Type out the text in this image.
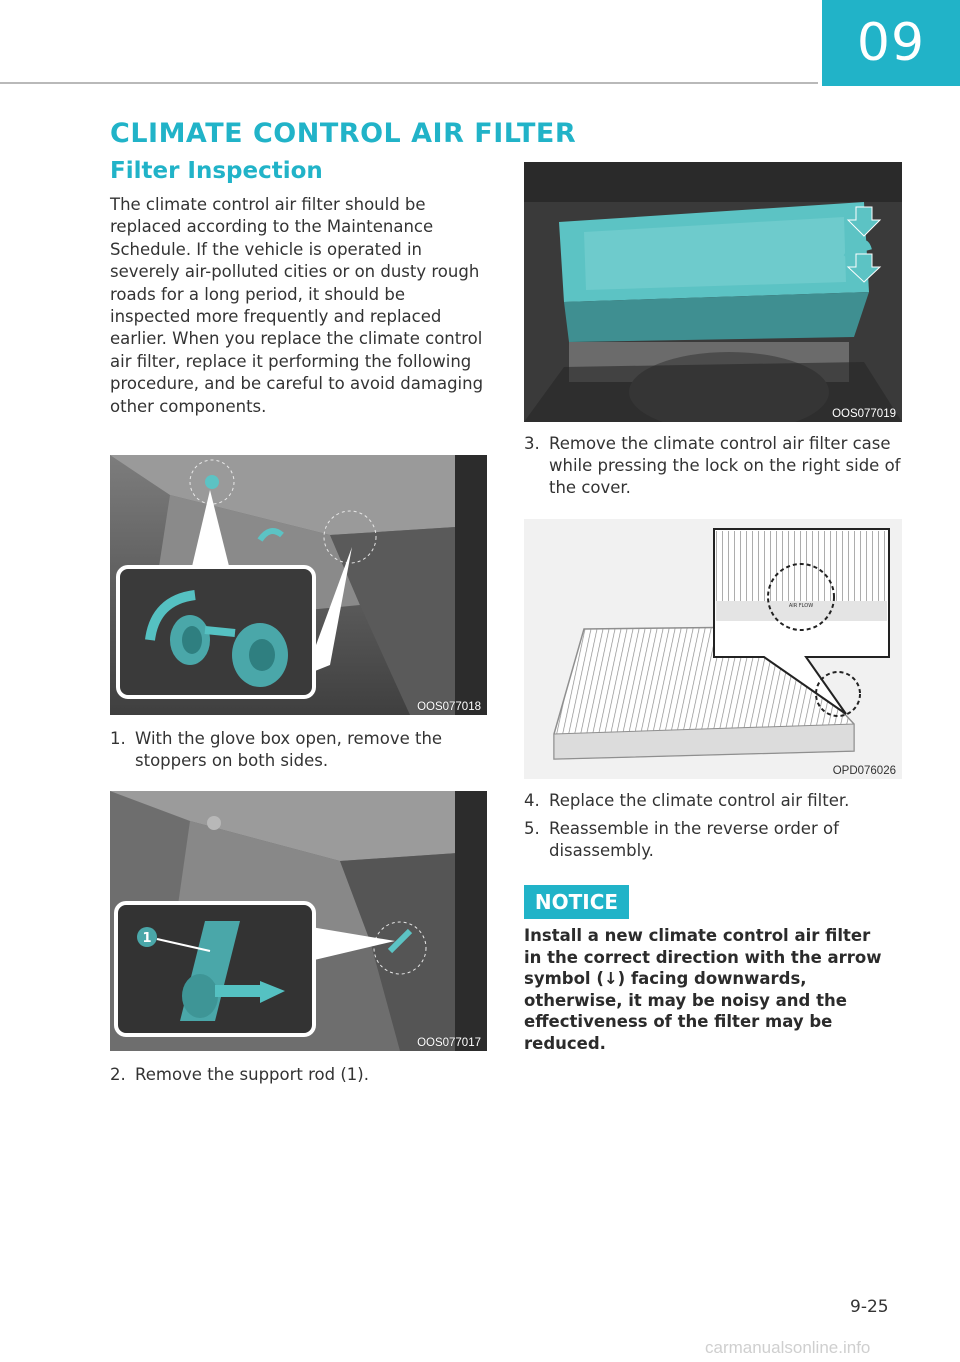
09
CLIMATE CONTROL AIR FILTER
Filter Inspection

The climate control air filter should be replaced according to the Maintenance Schedule. If the vehicle is operated in severely air-polluted cities or on dusty rough roads for a long period, it should be inspected more frequently and replaced earlier. When you replace the climate control air filter, replace it performing the following procedure, and be careful to avoid damaging other components.

OOS077018

1. With the glove box open, remove the stoppers on both sides.

1
OOS077017

2. Remove the support rod (1).

OOS077019

3. Remove the climate control air filter case while pressing the lock on the right side of the cover.

AIR FLOW
OPD076026

4. Replace the climate control air filter.

5. Reassemble in the reverse order of disassembly.

NOTICE

Install a new climate control air filter in the correct direction with the arrow symbol (↓) facing downwards, otherwise, it may be noisy and the effectiveness of the filter may be reduced.

9-25
carmanualsonline.info
